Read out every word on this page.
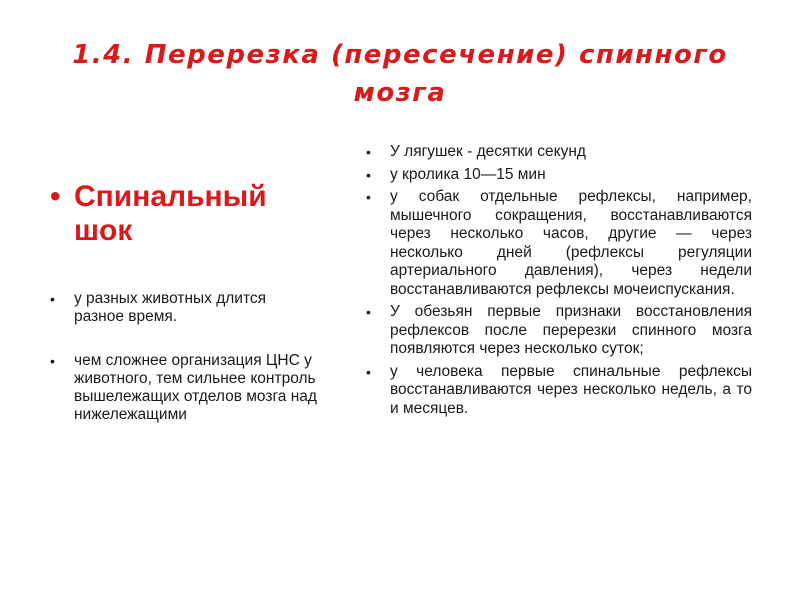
1.4. Перерезка (пересечение) спинного мозга
• Спинальный шок
•	у разных животных длится разное время.
•	чем сложнее организация ЦНС у животного, тем сильнее контроль вышележащих отделов мозга над нижележащими
•	У лягушек - десятки секунд
•	у кролика 10—15 мин
•	у собак отдельные рефлексы, например, мышечного сокращения, восстанавливаются через несколько часов, другие — через несколько дней (рефлексы регуляции артериального давления), через недели восстанавливаются рефлексы мочеиспускания.
•	У обезьян первые признаки восстановления рефлексов после перерезки спинного мозга появляются через несколько суток;
•	у человека первые спинальные рефлексы восстанавливаются через несколько недель, а то и месяцев.
